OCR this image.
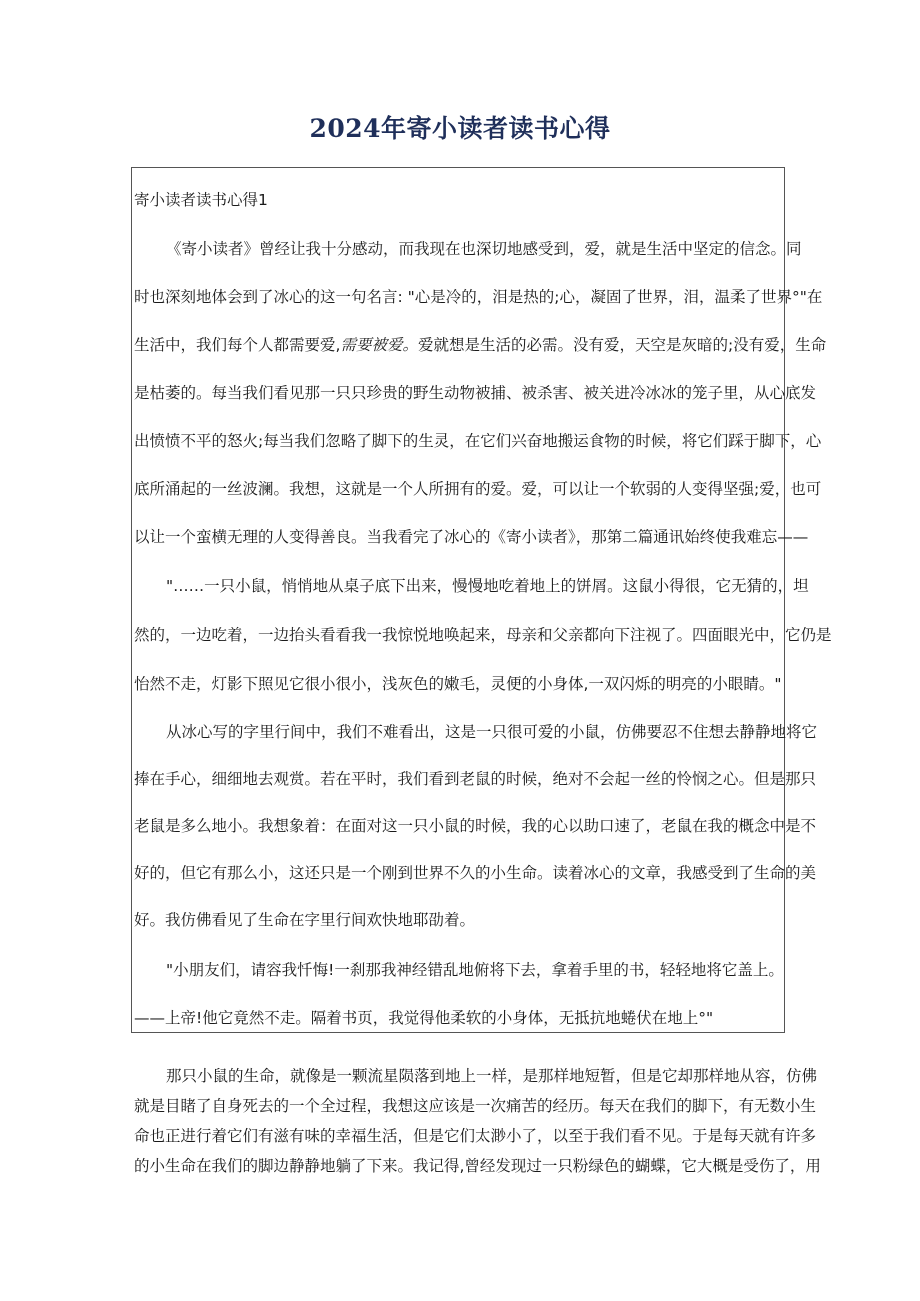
2024年寄小读者读书心得
寄小读者读书心得1
《寄小读者》曾经让我十分感动，而我现在也深切地感受到，爱，就是生活中坚定的信念。同
时也深刻地体会到了冰心的这一句名言: "心是冷的，泪是热的;心，凝固了世界，泪，温柔了世界°"在
生活中，我们每个人都需要爱,需要被爱。爱就想是生活的必需。没有爱，天空是灰暗的;没有爱，生命
是枯萎的。每当我们看见那一只只珍贵的野生动物被捕、被杀害、被关进冷冰冰的笼子里，从心底发
出愤愤不平的怒火;每当我们忽略了脚下的生灵，在它们兴奋地搬运食物的时候，将它们踩于脚下，心
底所涌起的一丝波澜。我想，这就是一个人所拥有的爱。爱，可以让一个软弱的人变得坚强;爱，也可
以让一个蛮横无理的人变得善良。当我看完了冰心的《寄小读者》，那第二篇通讯始终使我难忘——
"……一只小鼠，悄悄地从桌子底下出来，慢慢地吃着地上的饼屑。这鼠小得很，它无猜的，坦
然的，一边吃着，一边抬头看看我一我惊悦地唤起来，母亲和父亲都向下注视了。四面眼光中，它仍是
怡然不走，灯影下照见它很小很小，浅灰色的嫩毛，灵便的小身体,一双闪烁的明亮的小眼睛。"
从冰心写的字里行间中，我们不难看出，这是一只很可爱的小鼠，仿佛要忍不住想去静静地将它
捧在手心，细细地去观赏。若在平时，我们看到老鼠的时候，绝对不会起一丝的怜悯之心。但是那只
老鼠是多么地小。我想象着：在面对这一只小鼠的时候，我的心以助口速了，老鼠在我的概念中是不
好的，但它有那么小，这还只是一个刚到世界不久的小生命。读着冰心的文章，我感受到了生命的美
好。我仿佛看见了生命在字里行间欢快地耶劭着。
"小朋友们，请容我忏悔!一刹那我神经错乱地俯将下去，拿着手里的书，轻轻地将它盖上。
——上帝!他它竟然不走。隔着书页，我觉得他柔软的小身体，无抵抗地蜷伏在地上°"
那只小鼠的生命，就像是一颗流星陨落到地上一样，是那样地短暂，但是它却那样地从容，仿佛
就是目睹了自身死去的一个全过程，我想这应该是一次痛苦的经历。每天在我们的脚下，有无数小生
命也正进行着它们有滋有味的幸福生活，但是它们太渺小了，以至于我们看不见。于是每天就有许多
的小生命在我们的脚边静静地躺了下来。我记得,曾经发现过一只粉绿色的蝴蝶，它大概是受伤了，用
